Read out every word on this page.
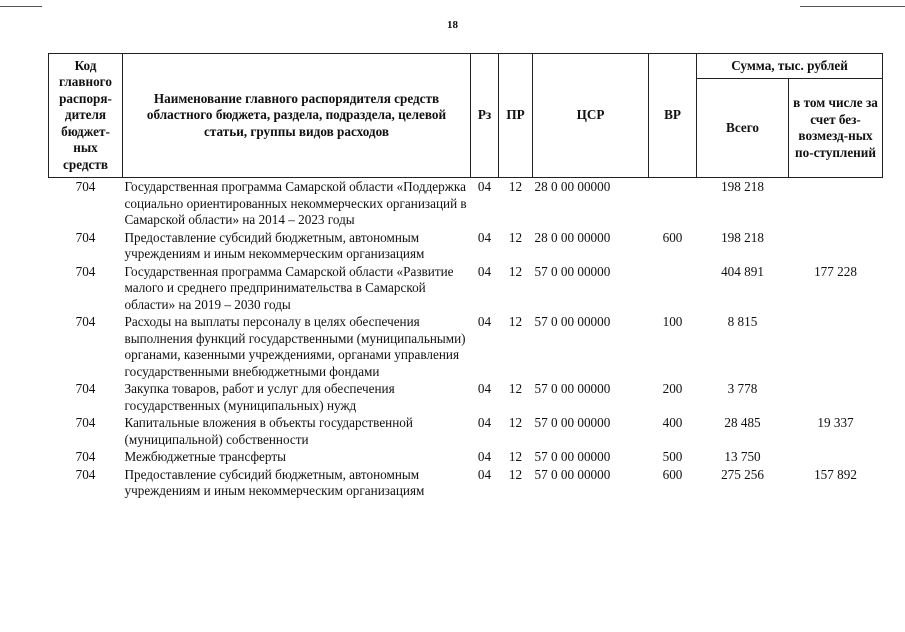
18
Код главного распоря-дителя бюджет-ных средств	Наименование главного распорядителя средств областного бюджета, раздела, подраздела, целевой статьи, группы видов расходов	Рз	ПР	ЦСР	ВР	Сумма, тыс. рублей	
						Всего	в том числе за счет без-возмезд-ных по-ступлений

704	Государственная программа Самарской области «Поддержка социально ориентированных некоммерческих организаций в Самарской области» на 2014 – 2023 годы	04	12	28 0 00 00000		198 218	
704	Предоставление субсидий бюджетным, автономным учреждениям и иным некоммерческим организациям	04	12	28 0 00 00000	600	198 218	
704	Государственная программа Самарской области «Развитие малого и среднего предпринимательства в Самарской области» на 2019 – 2030 годы	04	12	57 0 00 00000		404 891	177 228
704	Расходы на выплаты персоналу в целях обеспечения выполнения функций государственными (муниципальными) органами, казенными учреждениями, органами управления государственными внебюджетными фондами	04	12	57 0 00 00000	100	8 815	
704	Закупка товаров, работ и услуг для обеспечения государственных (муниципальных) нужд	04	12	57 0 00 00000	200	3 778	
704	Капитальные вложения в объекты государственной (муниципальной) собственности	04	12	57 0 00 00000	400	28 485	19 337
704	Межбюджетные трансферты	04	12	57 0 00 00000	500	13 750	
704	Предоставление субсидий бюджетным, автономным учреждениям и иным некоммерческим организациям	04	12	57 0 00 00000	600	275 256	157 892
